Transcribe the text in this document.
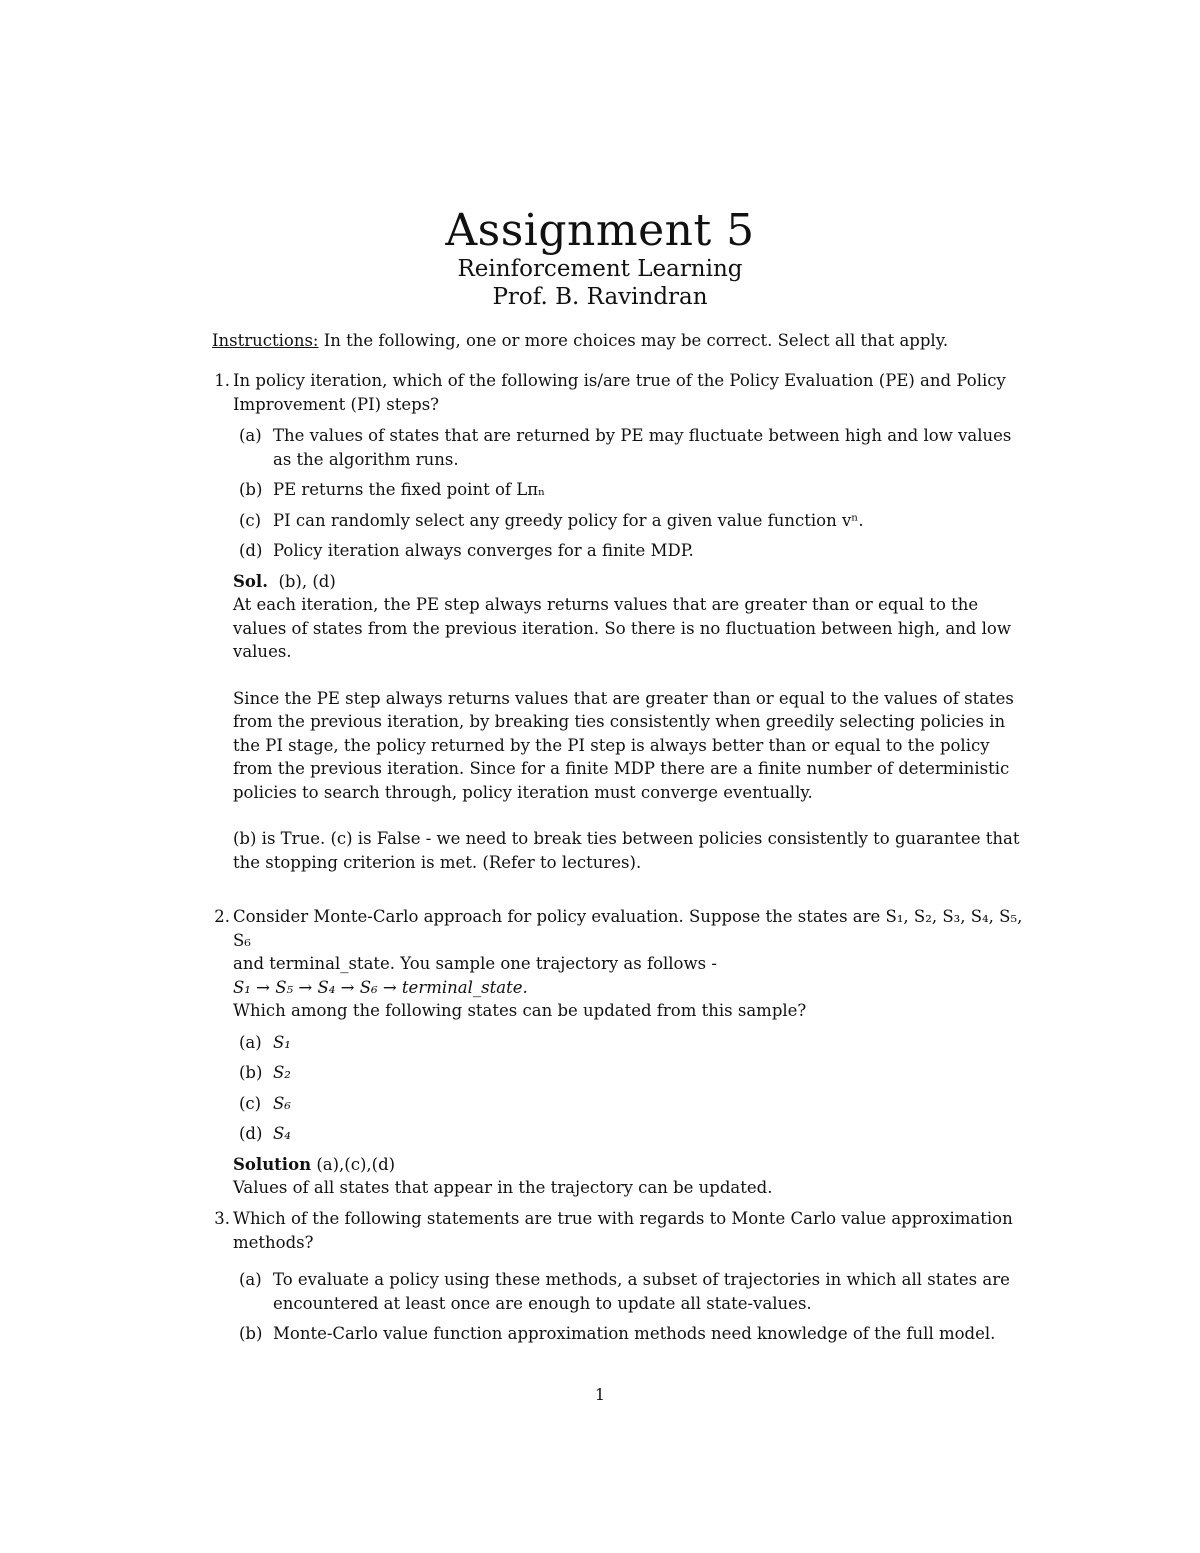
Assignment 5
Reinforcement Learning
Prof. B. Ravindran
Instructions: In the following, one or more choices may be correct. Select all that apply.
1. In policy iteration, which of the following is/are true of the Policy Evaluation (PE) and Policy Improvement (PI) steps?
(a) The values of states that are returned by PE may fluctuate between high and low values as the algorithm runs.
(b) PE returns the fixed point of Lπₙ
(c) PI can randomly select any greedy policy for a given value function vⁿ.
(d) Policy iteration always converges for a finite MDP.
Sol. (b), (d)

At each iteration, the PE step always returns values that are greater than or equal to the values of states from the previous iteration. So there is no fluctuation between high, and low values.

Since the PE step always returns values that are greater than or equal to the values of states from the previous iteration, by breaking ties consistently when greedily selecting policies in the PI stage, the policy returned by the PI step is always better than or equal to the policy from the previous iteration. Since for a finite MDP there are a finite number of deterministic policies to search through, policy iteration must converge eventually.

(b) is True. (c) is False - we need to break ties between policies consistently to guarantee that the stopping criterion is met. (Refer to lectures).

2. Consider Monte-Carlo approach for policy evaluation. Suppose the states are S₁, S₂, S₃, S₄, S₅, S₆
and terminal_state. You sample one trajectory as follows -
S₁ → S₅ → S₄ → S₆ → terminal_state.
Which among the following states can be updated from this sample?
(a) S₁
(b) S₂
(c) S₆
(d) S₄
Solution (a),(c),(d)

Values of all states that appear in the trajectory can be updated.

3. Which of the following statements are true with regards to Monte Carlo value approximation methods?
(a) To evaluate a policy using these methods, a subset of trajectories in which all states are encountered at least once are enough to update all state-values.
(b) Monte-Carlo value function approximation methods need knowledge of the full model.
1
